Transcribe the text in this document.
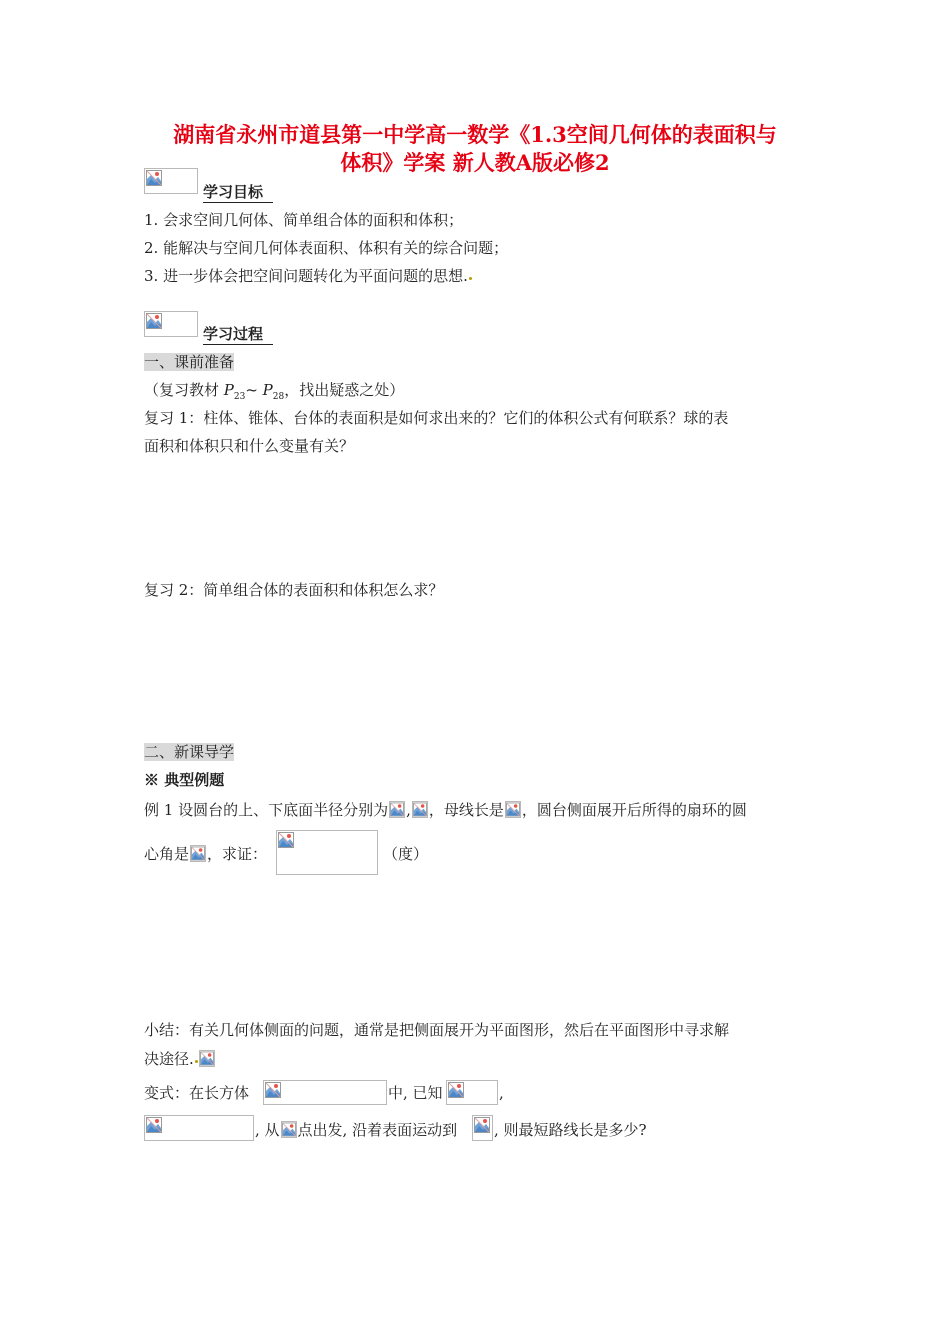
湖南省永州市道县第一中学高一数学《1.3空间几何体的表面积与
体积》学案 新人教A版必修2
学习目标
1. 会求空间几何体、简单组合体的面积和体积；
2. 能解决与空间几何体表面积、体积有关的综合问题；
3. 进一步体会把空间问题转化为平面问题的思想.
学习过程
一、课前准备
（复习教材 $P_{23}\sim$ $P_{28}$，找出疑惑之处）
复习 1：柱体、锥体、台体的表面积是如何求出来的？它们的体积公式有何联系？球的表
面积和体积只和什么变量有关？
复习 2：简单组合体的表面积和体积怎么求？
二、新课导学
※ 典型例题
例 1 设圆台的上、下底面半径分别为 , ，母线长是 ，圆台侧面展开后所得的扇环的圆
心角是 ，求证：	（度）
小结：有关几何体侧面的问题，通常是把侧面展开为平面图形，然后在平面图形中寻求解
决途径.
变式：在长方体	中, 已知	,
, 从 点出发, 沿着表面运动到 , 则最短路线长是多少?
